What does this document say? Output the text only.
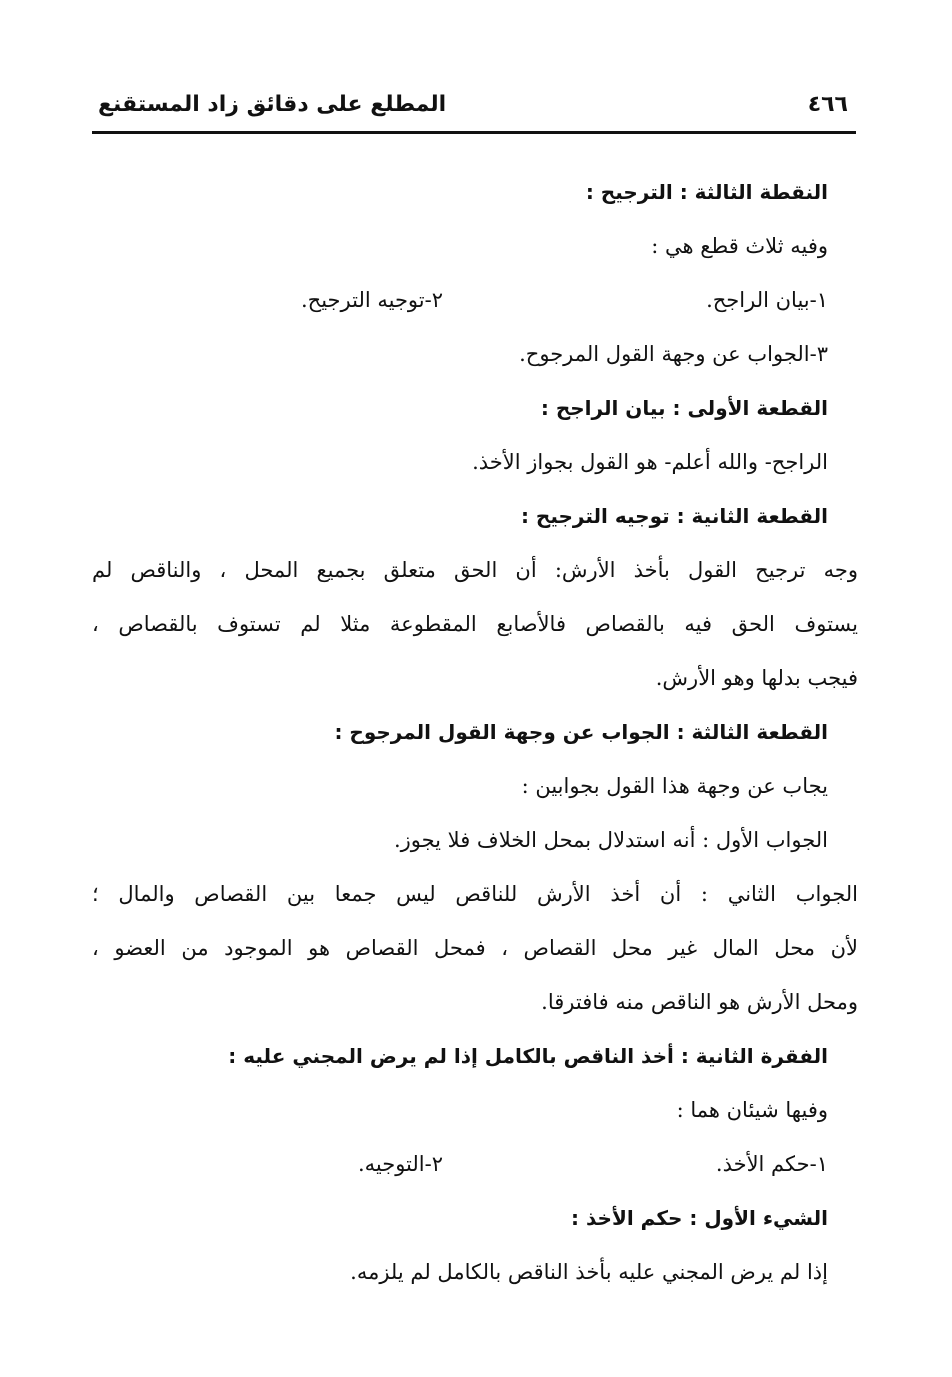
٤٦٦
المطلع على دقائق زاد المستقنع
النقطة الثالثة : الترجيح :
وفيه ثلاث قطع هي :
١-بيان الراجح.
٢-توجيه الترجيح.
٣-الجواب عن وجهة القول المرجوح.
القطعة الأولى : بيان الراجح :
الراجح- والله أعلم- هو القول بجواز الأخذ.
القطعة الثانية : توجيه الترجيح :
وجه ترجيح القول بأخذ الأرش: أن الحق متعلق بجميع المحل ، والناقص لم
يستوف الحق فيه بالقصاص فالأصابع المقطوعة مثلا لم تستوف بالقصاص ،
فيجب بدلها وهو الأرش.
القطعة الثالثة : الجواب عن وجهة القول المرجوح :
يجاب عن وجهة هذا القول بجوابين :
الجواب الأول : أنه استدلال بمحل الخلاف فلا يجوز.
الجواب الثاني : أن أخذ الأرش للناقص ليس جمعا بين القصاص والمال ؛
لأن محل المال غير محل القصاص ، فمحل القصاص هو الموجود من العضو ،
ومحل الأرش هو الناقص منه فافترقا.
الفقرة الثانية : أخذ الناقص بالكامل إذا لم يرض المجني عليه :
وفيها شيئان هما :
١-حكم الأخذ.
٢-التوجيه.
الشيء الأول : حكم الأخذ :
إذا لم يرض المجني عليه بأخذ الناقص بالكامل لم يلزمه.
